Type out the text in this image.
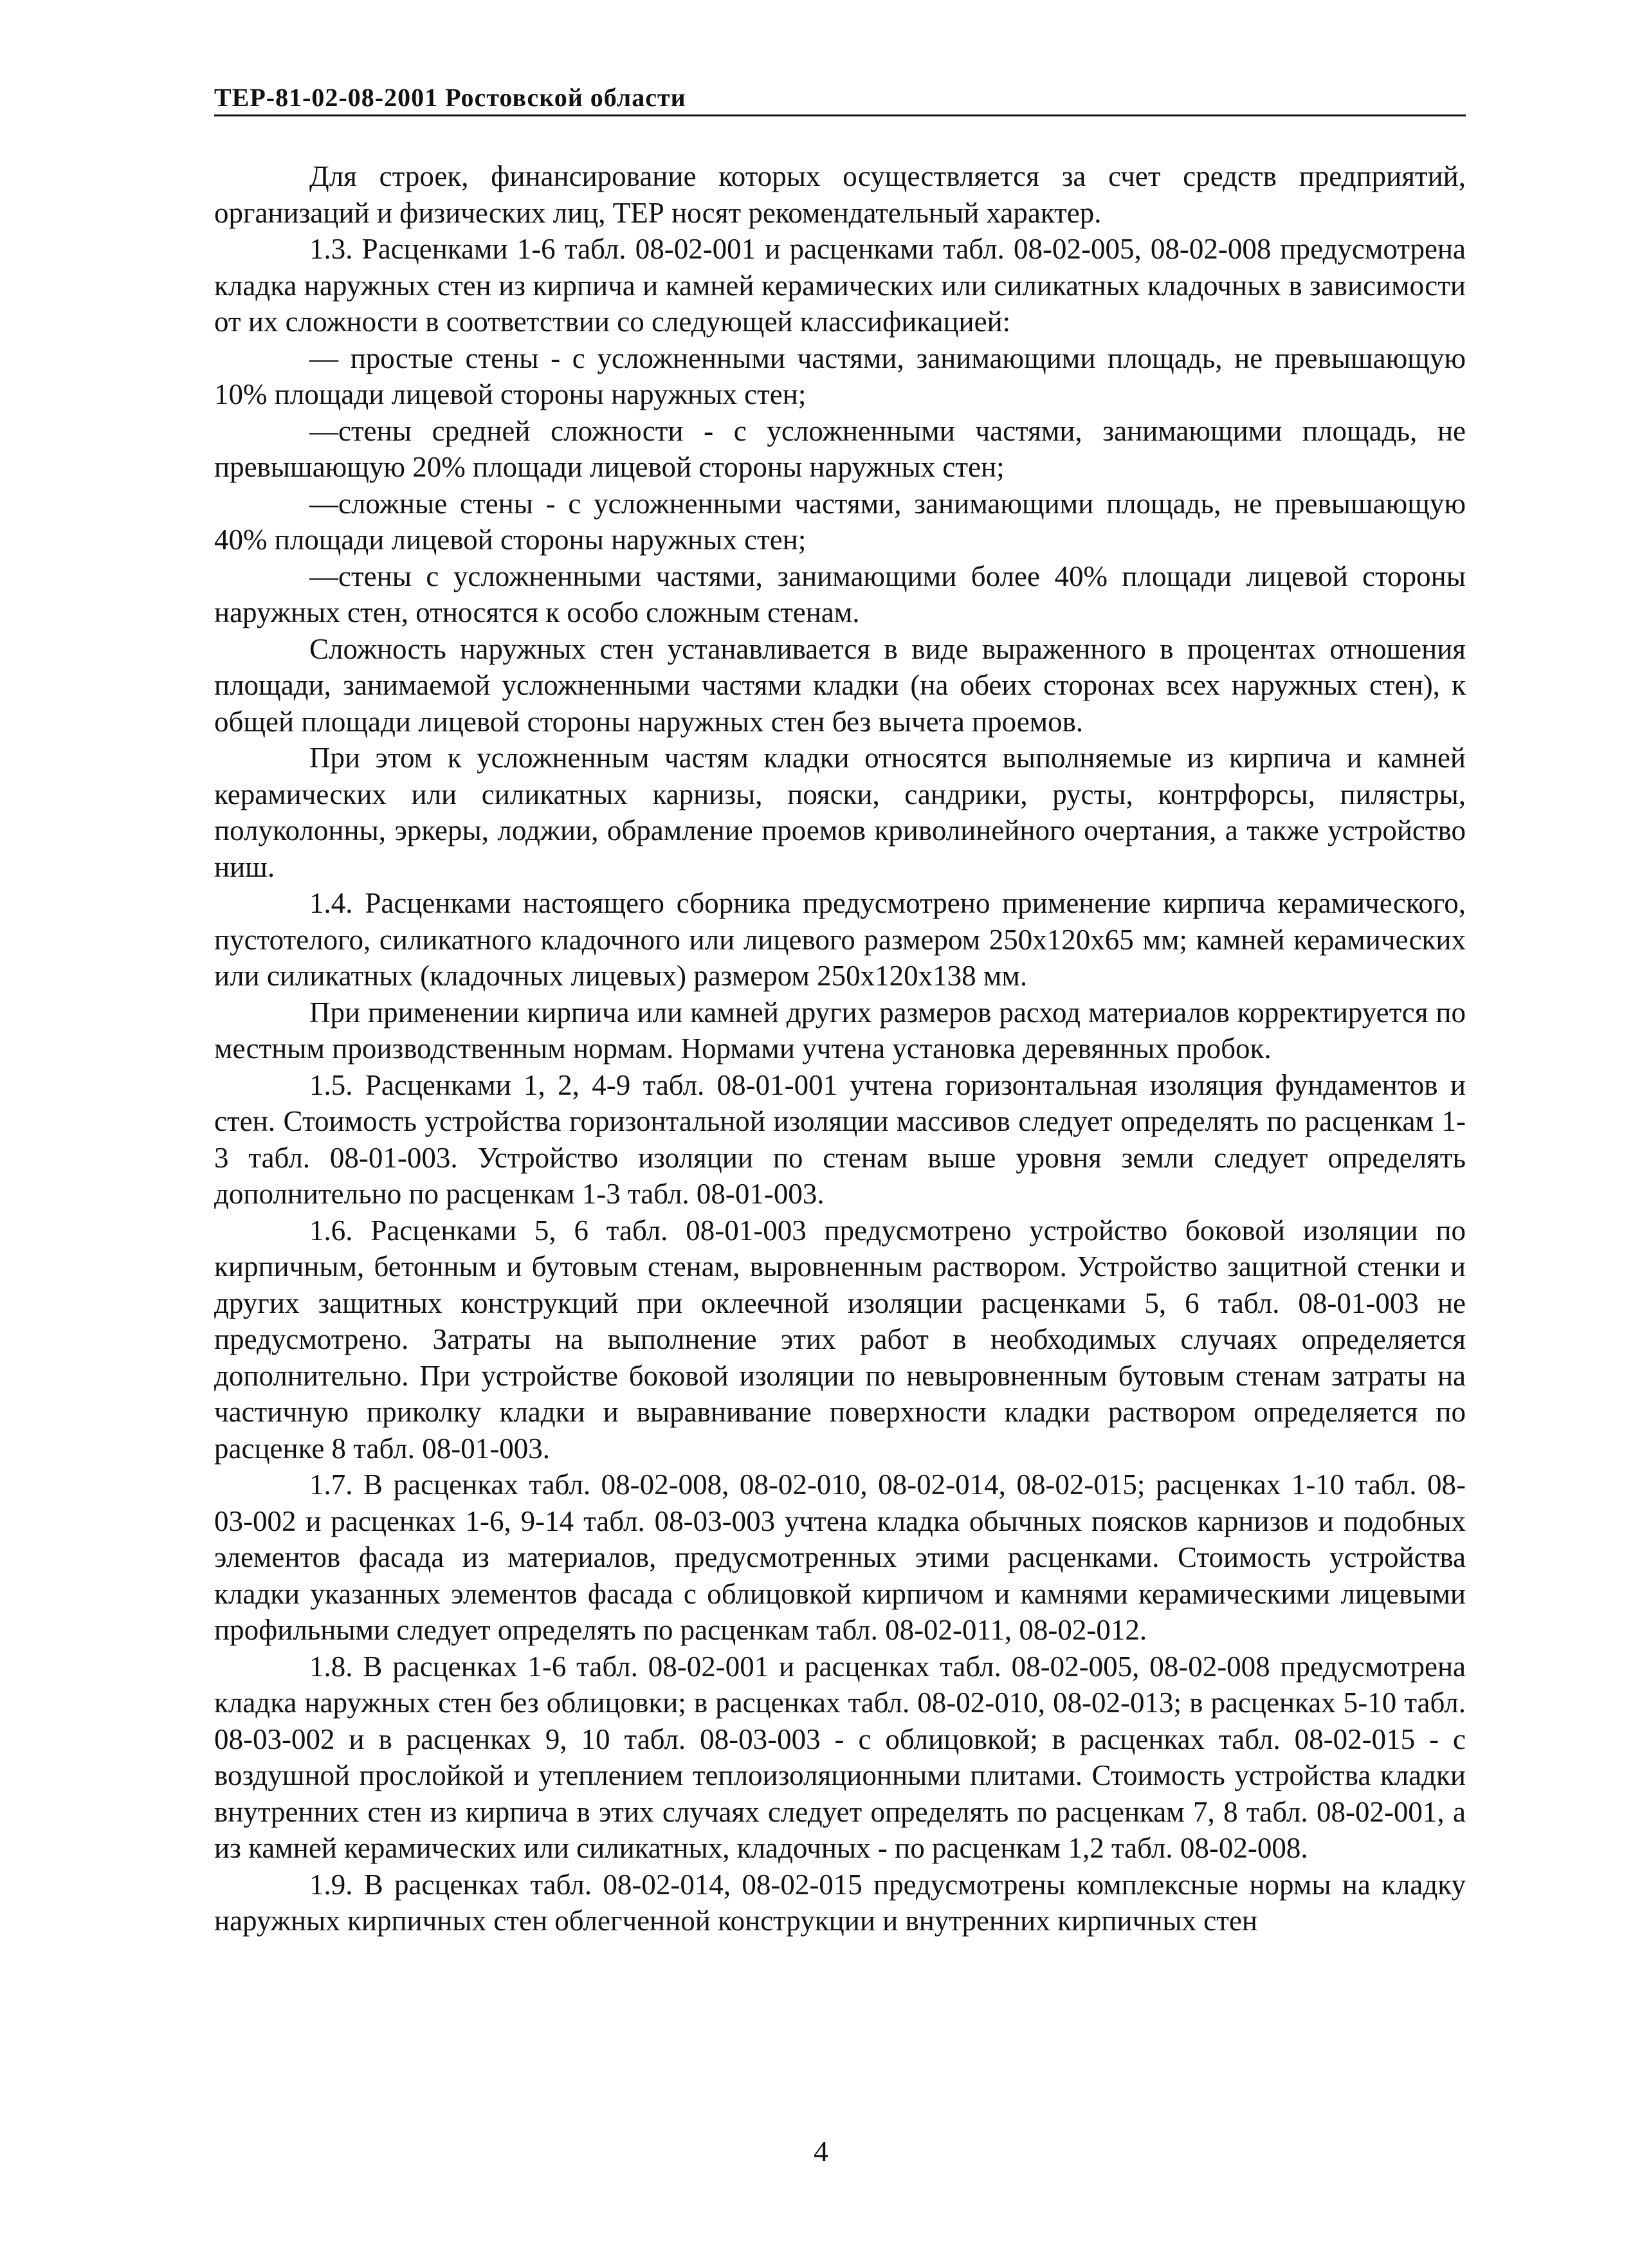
ТЕР-81-02-08-2001 Ростовской области

Для строек, финансирование которых осуществляется за счет средств предприятий, организаций и физических лиц, ТЕР носят рекомендательный характер.

1.3. Расценками 1-6 табл. 08-02-001 и расценками табл. 08-02-005, 08-02-008 предусмотрена кладка наружных стен из кирпича и камней керамических или силикатных кладочных в зависимости от их сложности в соответствии со следующей классификацией:

— простые стены - с усложненными частями, занимающими площадь, не превышающую 10% площади лицевой стороны наружных стен;

—стены средней сложности - с усложненными частями, занимающими площадь, не превышающую 20% площади лицевой стороны наружных стен;

—сложные стены - с усложненными частями, занимающими площадь, не превышающую 40% площади лицевой стороны наружных стен;

—стены с усложненными частями, занимающими более 40% площади лицевой стороны наружных стен, относятся к особо сложным стенам.

Сложность наружных стен устанавливается в виде выраженного в процентах отношения площади, занимаемой усложненными частями кладки (на обеих сторонах всех наружных стен), к общей площади лицевой стороны наружных стен без вычета проемов.

При этом к усложненным частям кладки относятся выполняемые из кирпича и камней керамических или силикатных карнизы, пояски, сандрики, русты, контрфорсы, пилястры, полуколонны, эркеры, лоджии, обрамление проемов криволинейного очертания, а также устройство ниш.

1.4. Расценками настоящего сборника предусмотрено применение кирпича керамического, пустотелого, силикатного кладочного или лицевого размером 250х120х65 мм; камней керамических или силикатных (кладочных лицевых) размером 250х120х138 мм.

При применении кирпича или камней других размеров расход материалов корректируется по местным производственным нормам. Нормами учтена установка деревянных пробок.

1.5. Расценками 1, 2, 4-9 табл. 08-01-001 учтена горизонтальная изоляция фундаментов и стен. Стоимость устройства горизонтальной изоляции массивов следует определять по расценкам 1-3 табл. 08-01-003. Устройство изоляции по стенам выше уровня земли следует определять дополнительно по расценкам 1-3 табл. 08-01-003.

1.6. Расценками 5, 6 табл. 08-01-003 предусмотрено устройство боковой изоляции по кирпичным, бетонным и бутовым стенам, выровненным раствором. Устройство защитной стенки и других защитных конструкций при оклеечной изоляции расценками 5, 6 табл. 08-01-003 не предусмотрено. Затраты на выполнение этих работ в необходимых случаях определяется дополнительно. При устройстве боковой изоляции по невыровненным бутовым стенам затраты на частичную приколку кладки и выравнивание поверхности кладки раствором определяется по расценке 8 табл. 08-01-003.

1.7. В расценках табл. 08-02-008, 08-02-010, 08-02-014, 08-02-015; расценках 1-10 табл. 08-03-002 и расценках 1-6, 9-14 табл. 08-03-003 учтена кладка обычных поясков карнизов и подобных элементов фасада из материалов, предусмотренных этими расценками. Стоимость устройства кладки указанных элементов фасада с облицовкой кирпичом и камнями керамическими лицевыми профильными следует определять по расценкам табл. 08-02-011, 08-02-012.

1.8. В расценках 1-6 табл. 08-02-001 и расценках табл. 08-02-005, 08-02-008 предусмотрена кладка наружных стен без облицовки; в расценках табл. 08-02-010, 08-02-013; в расценках 5-10 табл. 08-03-002 и в расценках 9, 10 табл. 08-03-003 - с облицовкой; в расценках табл. 08-02-015 - с воздушной прослойкой и утеплением теплоизоляционными плитами. Стоимость устройства кладки внутренних стен из кирпича в этих случаях следует определять по расценкам 7, 8 табл. 08-02-001, а из камней керамических или силикатных, кладочных - по расценкам 1,2 табл. 08-02-008.

1.9. В расценках табл. 08-02-014, 08-02-015 предусмотрены комплексные нормы на кладку наружных кирпичных стен облегченной конструкции и внутренних кирпичных стен

4
